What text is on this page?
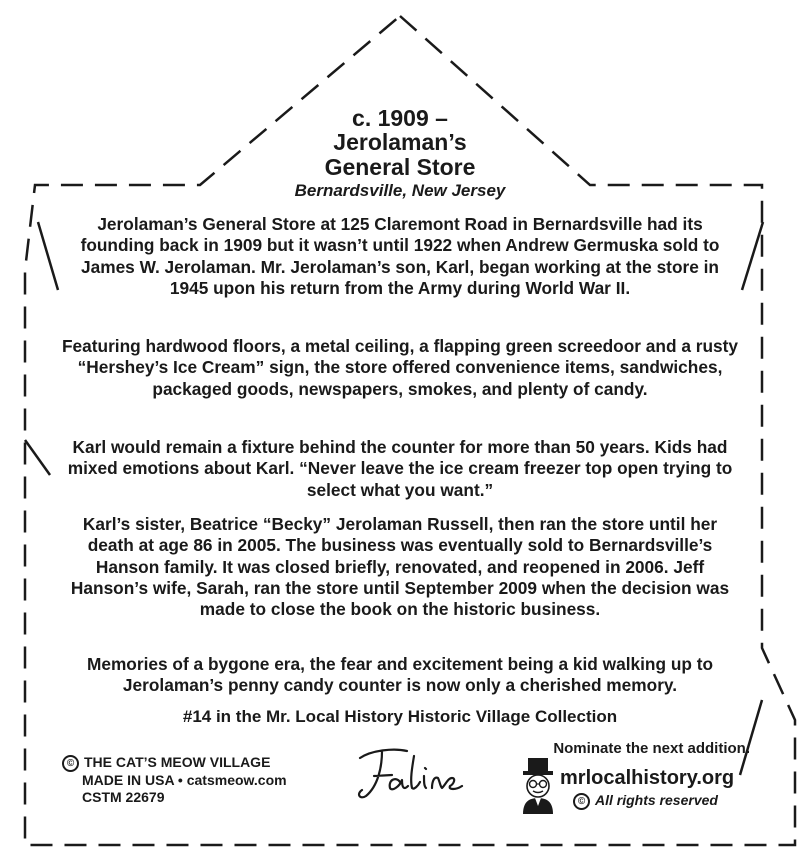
c. 1909 –
Jerolaman’s
General Store
Bernardsville, New Jersey

Jerolaman’s General Store at 125 Claremont Road in Bernardsville had its founding back in 1909 but it wasn’t until 1922 when Andrew Germuska sold to James W. Jerolaman. Mr. Jerolaman’s son, Karl, began working at the store in 1945 upon his return from the Army during World War II.

Featuring hardwood floors, a metal ceiling, a flapping green screedoor and a rusty “Hershey’s Ice Cream” sign, the store offered convenience items, sandwiches, packaged goods, newspapers, smokes, and plenty of candy.

Karl would remain a fixture behind the counter for more than 50 years. Kids had mixed emotions about Karl. “Never leave the ice cream freezer top open trying to select what you want.”

Karl’s sister, Beatrice “Becky” Jerolaman Russell, then ran the store until her death at age 86 in 2005. The business was eventually sold to Bernardsville’s Hanson family. It was closed briefly, renovated, and reopened in 2006. Jeff Hanson’s wife, Sarah, ran the store until September 2009 when the decision was made to close the book on the historic business.

Memories of a bygone era, the fear and excitement being a kid walking up to Jerolaman’s penny candy counter is now only a cherished memory.

#14 in the Mr. Local History Historic Village Collection
© THE CAT’S MEOW VILLAGE
MADE IN USA • catsmeow.com
CSTM 22679
Nominate the next addition.
mrlocalhistory.org
© All rights reserved
